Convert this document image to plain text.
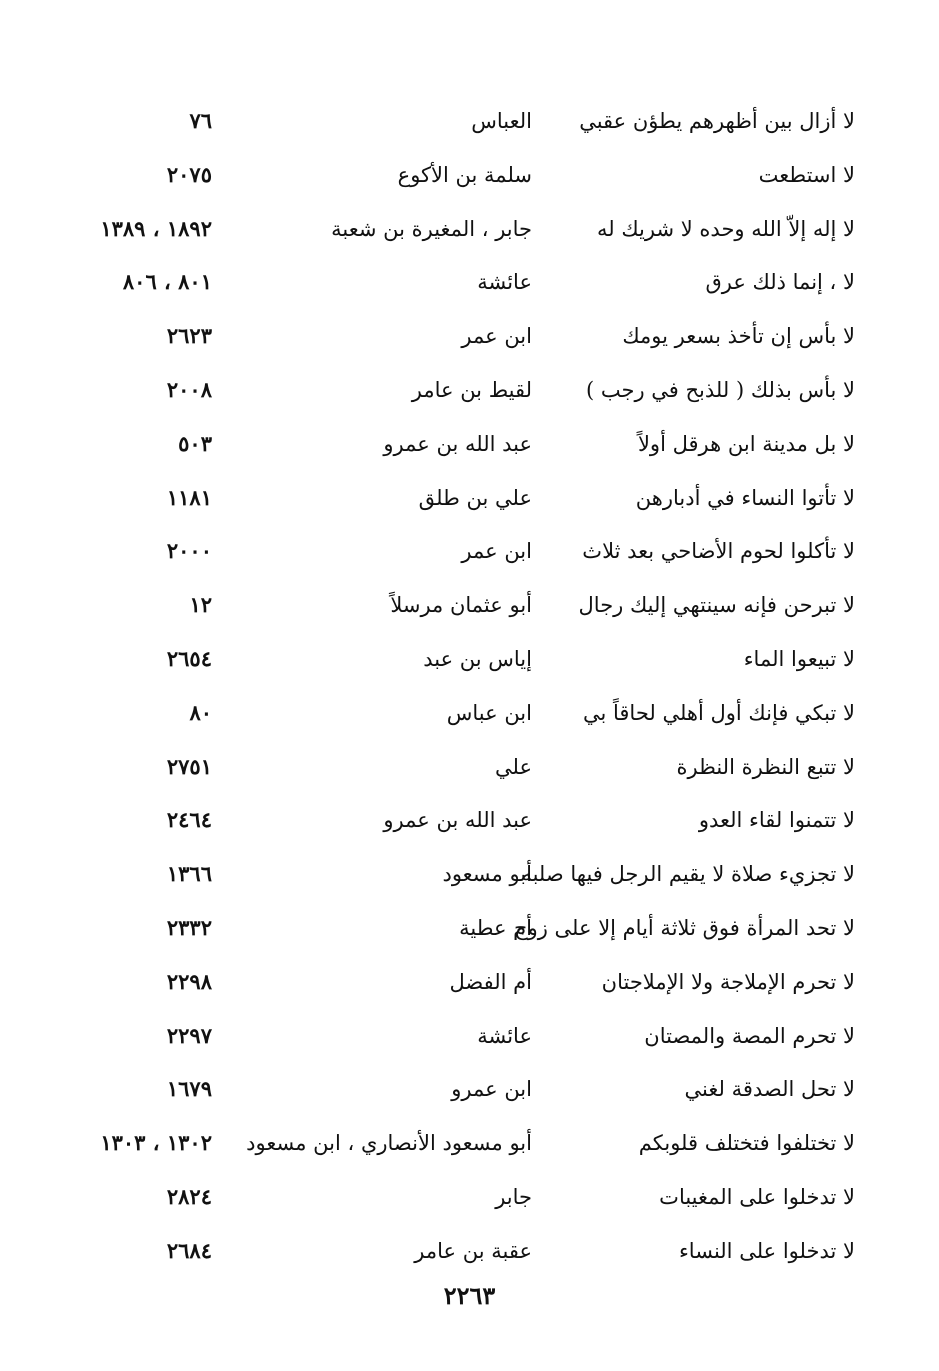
لا أزال بين أظهرهم يطؤن عقبي
العباس
٧٦
لا استطعت
سلمة بن الأكوع
٢٠٧٥
لا إله إلاّ الله وحده لا شريك له
جابر ، المغيرة بن شعبة
١٨٩٢ ، ١٣٨٩
لا ، إنما ذلك عرق
عائشة
٨٠١ ، ٨٠٦
لا بأس إن تأخذ بسعر يومك
ابن عمر
٢٦٢٣
لا بأس بذلك ( للذبح في رجب )
لقيط بن عامر
٢٠٠٨
لا بل مدينة ابن هرقل أولاً
عبد الله بن عمرو
٥٠٣
لا تأتوا النساء في أدبارهن
علي بن طلق
١١٨١
لا تأكلوا لحوم الأضاحي بعد ثلاث
ابن عمر
٢٠٠٠
لا تبرحن فإنه سينتهي إليك رجال
أبو عثمان مرسلاً
١٢
لا تبيعوا الماء
إياس بن عبد
٢٦٥٤
لا تبكي فإنك أول أهلي لحاقاً بي
ابن عباس
٨٠
لا تتبع النظرة النظرة
علي
٢٧٥١
لا تتمنوا لقاء العدو
عبد الله بن عمرو
٢٤٦٤
لا تجزيء صلاة لا يقيم الرجل فيها صلبه
أبو مسعود
١٣٦٦
لا تحد المرأة فوق ثلاثة أيام إلا على زوج
أم عطية
٢٣٣٢
لا تحرم الإملاجة ولا الإملاجتان
أم الفضل
٢٢٩٨
لا تحرم المصة والمصتان
عائشة
٢٢٩٧
لا تحل الصدقة لغني
ابن عمرو
١٦٧٩
لا تختلفوا فتختلف قلوبكم
أبو مسعود الأنصاري ، ابن مسعود
١٣٠٢ ، ١٣٠٣
لا تدخلوا على المغيبات
جابر
٢٨٢٤
لا تدخلوا على النساء
عقبة بن عامر
٢٦٨٤
٢٢٦٣
